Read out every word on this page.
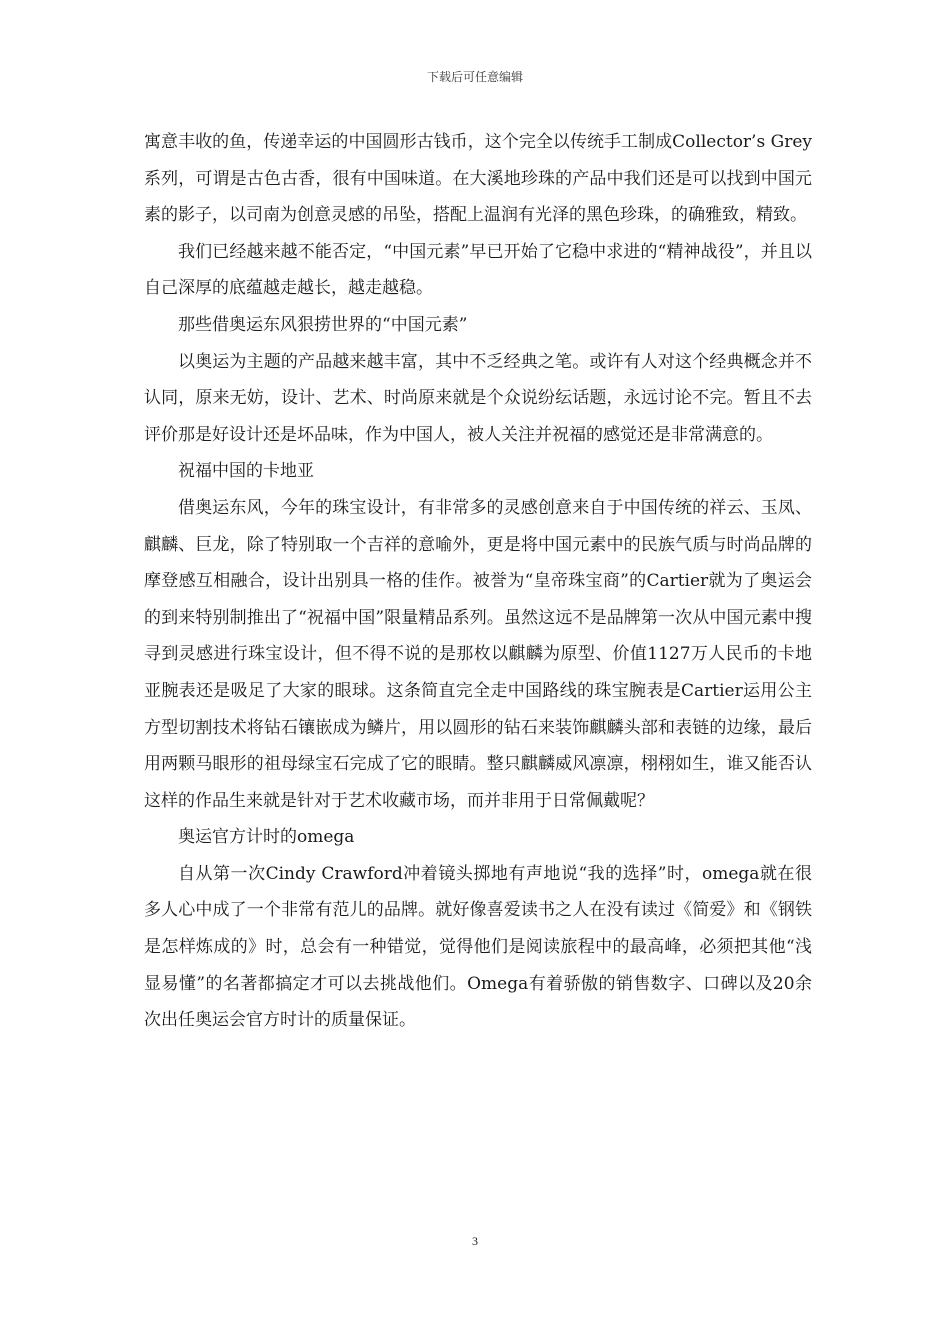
下载后可任意编辑

寓意丰收的鱼，传递幸运的中国圆形古钱币，这个完全以传统手工制成Collector’s Grey系列，可谓是古色古香，很有中国味道。在大溪地珍珠的产品中我们还是可以找到中国元素的影子，以司南为创意灵感的吊坠，搭配上温润有光泽的黑色珍珠，的确雅致，精致。

我们已经越来越不能否定，“中国元素”早已开始了它稳中求进的“精神战役”，并且以自己深厚的底蕴越走越长，越走越稳。

那些借奥运东风狠捞世界的“中国元素”

以奥运为主题的产品越来越丰富，其中不乏经典之笔。或许有人对这个经典概念并不认同，原来无妨，设计、艺术、时尚原来就是个众说纷纭话题，永远讨论不完。暂且不去评价那是好设计还是坏品味，作为中国人，被人关注并祝福的感觉还是非常满意的。

祝福中国的卡地亚

借奥运东风，今年的珠宝设计，有非常多的灵感创意来自于中国传统的祥云、玉凤、麒麟、巨龙，除了特别取一个吉祥的意喻外，更是将中国元素中的民族气质与时尚品牌的摩登感互相融合，设计出别具一格的佳作。被誉为“皇帝珠宝商”的Cartier就为了奥运会的到来特别制推出了“祝福中国”限量精品系列。虽然这远不是品牌第一次从中国元素中搜寻到灵感进行珠宝设计，但不得不说的是那枚以麒麟为原型、价值1127万人民币的卡地亚腕表还是吸足了大家的眼球。这条简直完全走中国路线的珠宝腕表是Cartier运用公主方型切割技术将钻石镶嵌成为鳞片，用以圆形的钻石来装饰麒麟头部和表链的边缘，最后用两颗马眼形的祖母绿宝石完成了它的眼睛。整只麒麟威风凛凛，栩栩如生，谁又能否认这样的作品生来就是针对于艺术收藏市场，而并非用于日常佩戴呢？

奥运官方计时的omega

自从第一次Cindy Crawford冲着镜头掷地有声地说“我的选择”时，omega就在很多人心中成了一个非常有范儿的品牌。就好像喜爱读书之人在没有读过《简爱》和《钢铁是怎样炼成的》时，总会有一种错觉，觉得他们是阅读旅程中的最高峰，必须把其他“浅显易懂”的名著都搞定才可以去挑战他们。Omega有着骄傲的销售数字、口碑以及20余次出任奥运会官方时计的质量保证。

3
